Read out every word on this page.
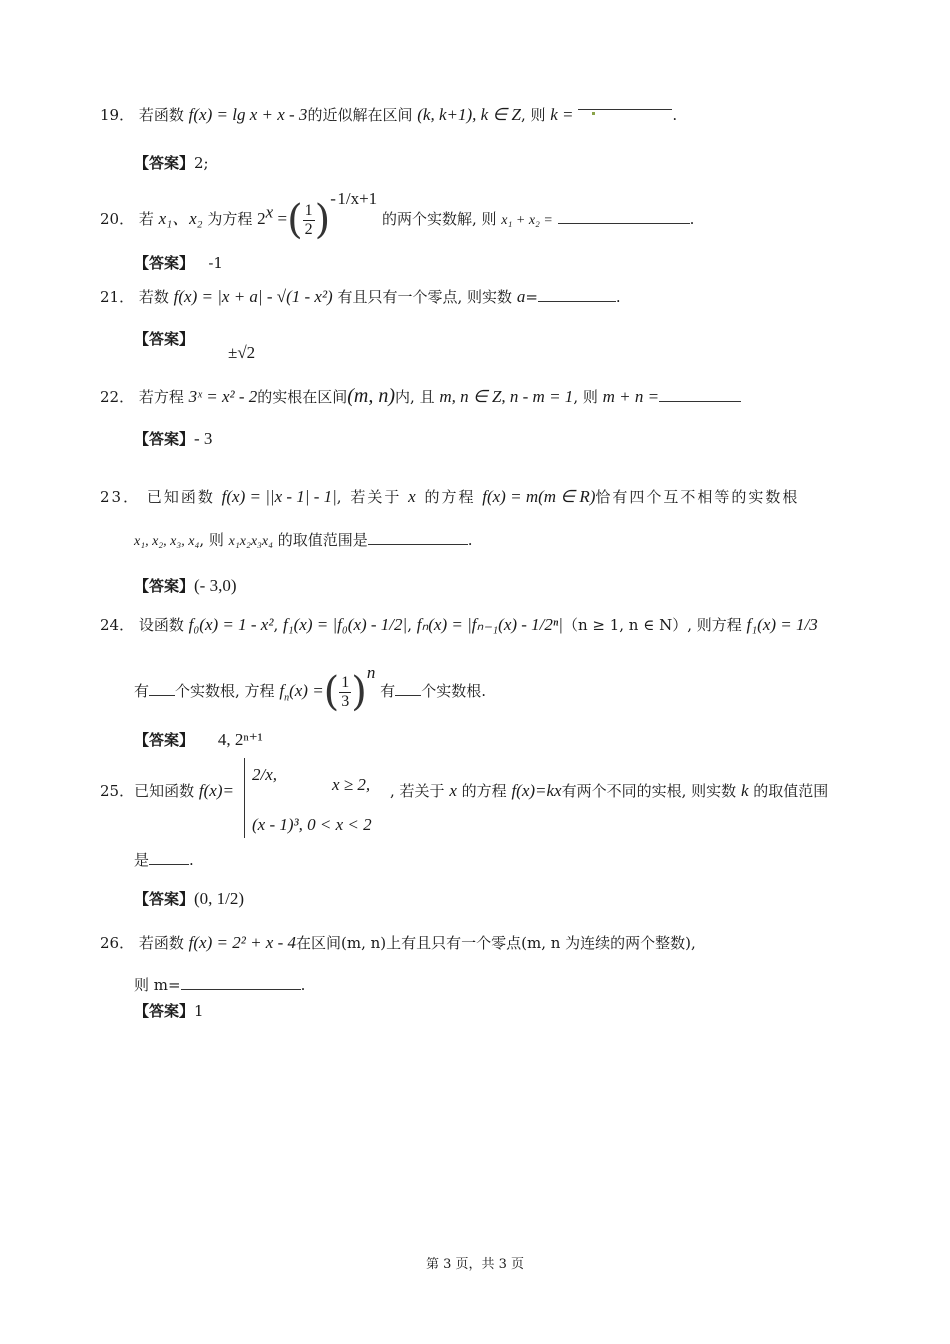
19． 若函数 f(x) = lg x + x - 3的近似解在区间 (k, k+1), k ∈ Z, 则 k =	.
【答案】2;
20． 若 x₁、x₂ 为方程 $2^x$ =( $\frac{1}{2} )^{- 1/x+1}$ 的两个实数解, 则 x₁ + x₂ =	.
【答案】 -1
21． 若数 f(x) = |x + a| - √(1 - x²) 有且只有一个零点, 则实数 a=	.
【答案】
±√2
22． 若方程 3ˣ = x² - 2的实根在区间(m, n)内, 且 m, n ∈ Z, n - m = 1, 则 m + n =
【答案】- 3
23． 已知函数 f(x) = ||x - 1| - 1|, 若关于 x 的方程 f(x) = m(m ∈ R)恰有四个互不相等的实数根
x₁, x₂, x₃, x₄, 则 x₁x₂x₃x₄ 的取值范围是	.
【答案】(- 3,0)
24． 设函数 f₀(x) = 1 - x², f₁(x) = |f₀(x) - 1/2|, fₙ(x) = |fₙ₋₁(x) - 1/2ⁿ|（n ≥ 1, n ∈ N）, 则方程 f₁(x) = 1/3
有 个实数根, 方程 $f_n(x)$ =( $\frac{1}{3} )^n$ 有 个实数根.
【答案】 4, 2ⁿ⁺¹
25．已知函数 f(x)=
2/x,
x ≥ 2,
(x - 1)³, 0 < x < 2
, 若关于 x 的方程 f(x)=kx有两个不同的实根, 则实数 k 的取值范围
是	.
【答案】(0, 1/2)
26． 若函数 f(x) = 2² + x - 4在区间(m, n)上有且只有一个零点(m, n 为连续的两个整数),
则 m=	.
【答案】1
第 3 页，共 3 页
